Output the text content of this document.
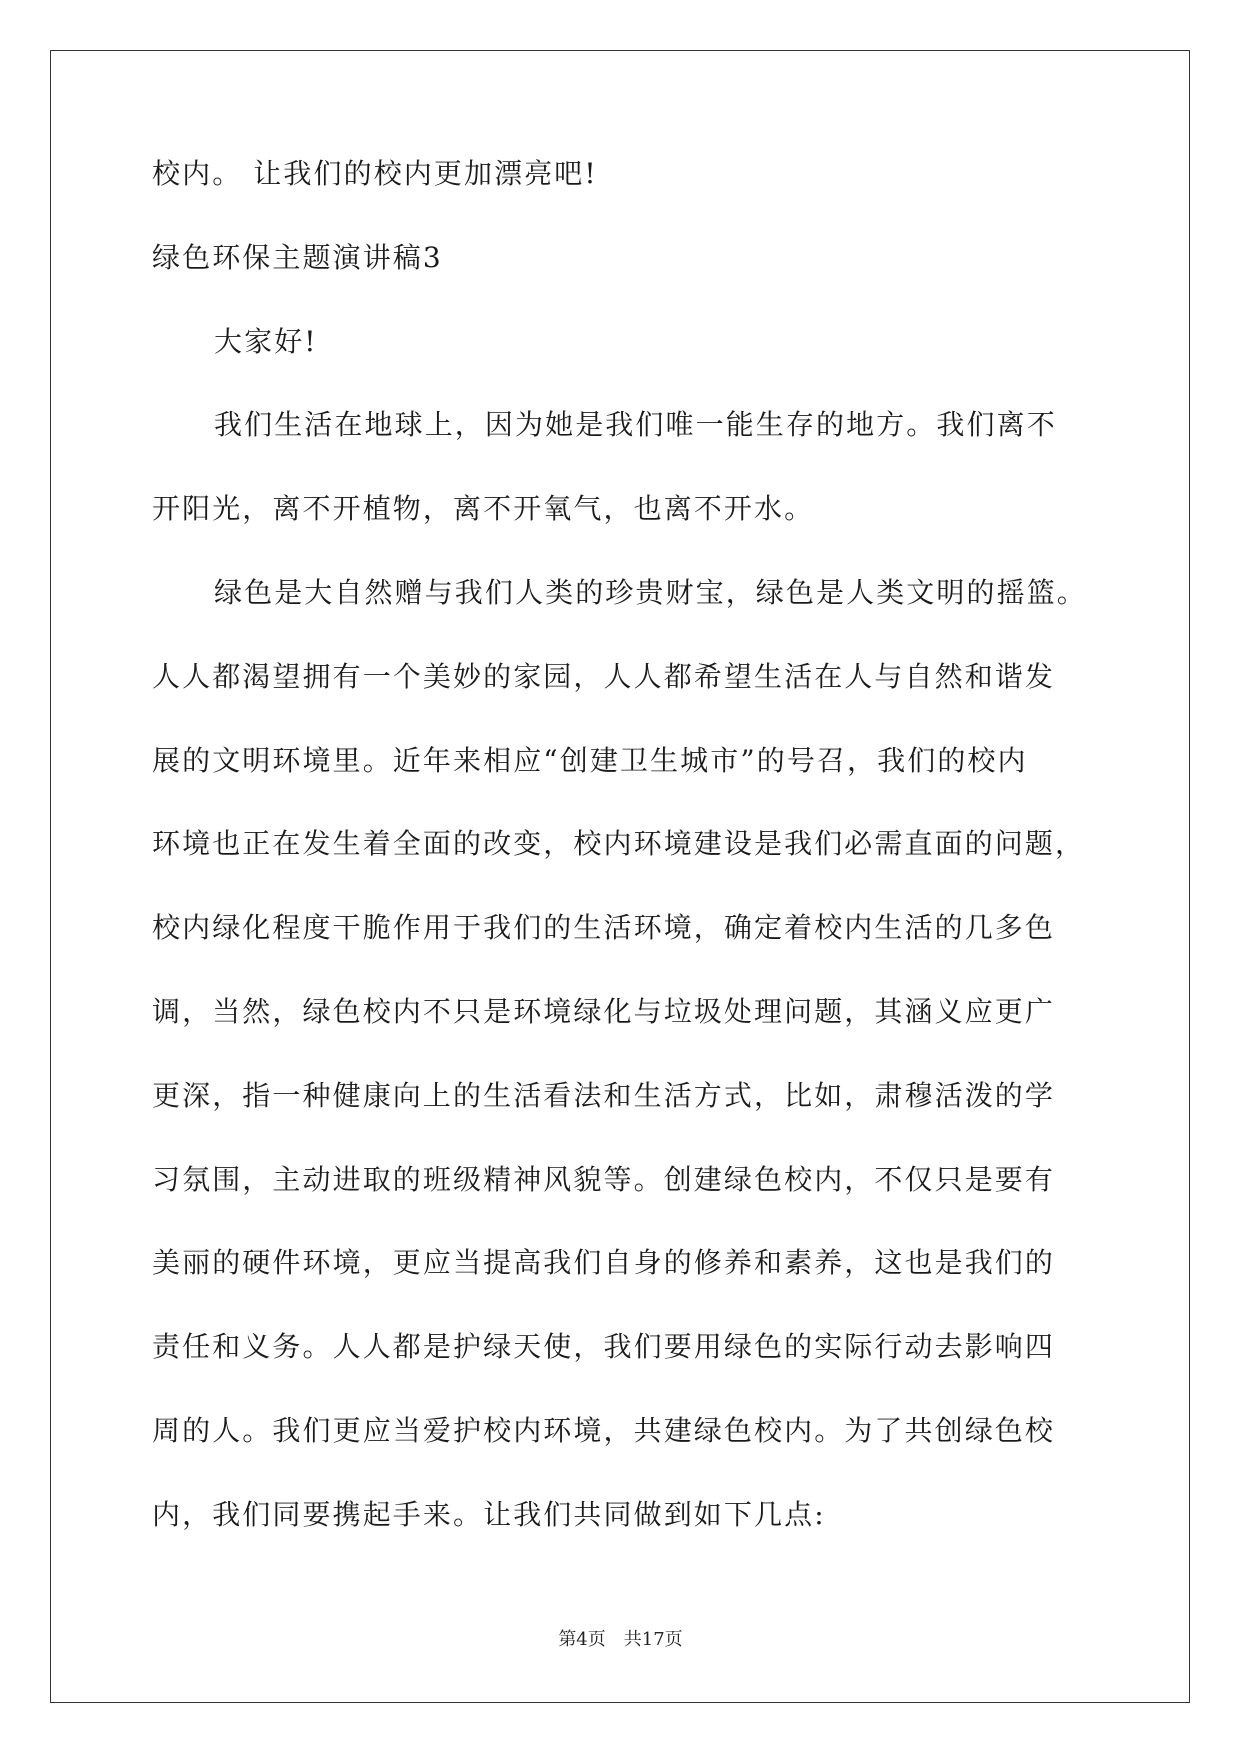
校内。 让我们的校内更加漂亮吧!
绿色环保主题演讲稿3
大家好!
我们生活在地球上，因为她是我们唯一能生存的地方。我们离不
开阳光，离不开植物，离不开氧气，也离不开水。
绿色是大自然赠与我们人类的珍贵财宝，绿色是人类文明的摇篮。
人人都渴望拥有一个美妙的家园，人人都希望生活在人与自然和谐发
展的文明环境里。近年来相应“创建卫生城市”的号召，我们的校内
环境也正在发生着全面的改变，校内环境建设是我们必需直面的问题，
校内绿化程度干脆作用于我们的生活环境，确定着校内生活的几多色
调，当然，绿色校内不只是环境绿化与垃圾处理问题，其涵义应更广
更深，指一种健康向上的生活看法和生活方式，比如，肃穆活泼的学
习氛围，主动进取的班级精神风貌等。创建绿色校内，不仅只是要有
美丽的硬件环境，更应当提高我们自身的修养和素养，这也是我们的
责任和义务。人人都是护绿天使，我们要用绿色的实际行动去影响四
周的人。我们更应当爱护校内环境，共建绿色校内。为了共创绿色校
内，我们同要携起手来。让我们共同做到如下几点:
第4页 共17页
